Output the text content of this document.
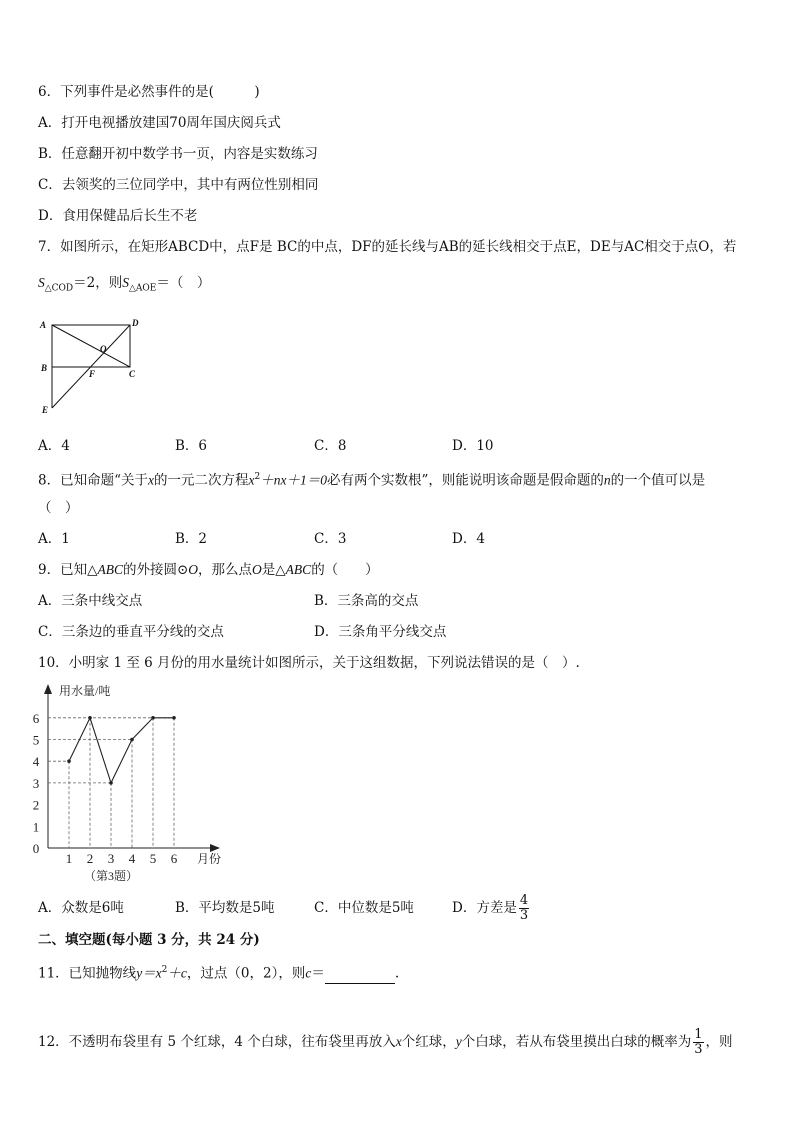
6．下列事件是必然事件的是(　　　)
A．打开电视播放建国70周年国庆阅兵式
B．任意翻开初中数学书一页，内容是实数练习
C．去领奖的三位同学中，其中有两位性别相同
D．食用保健品后长生不老
7．如图所示，在矩形ABCD中，点F是 BC的中点，DF的延长线与AB的延长线相交于点E，DE与AC相交于点O，若
$S_{\triangle COD}=2$，则$S_{\triangle AOE}=$（　）
A	D
O
B
F	C
E
A．4	B．6	C．8	D．10
8．已知命题“关于x的一元二次方程$x^2+nx+1=0$必有两个实数根”，则能说明该命题是假命题的n的一个值可以是
（　）
A．1	B．2	C．3	D．4
9．已知△ABC的外接圆⊙O，那么点O是△ABC的（　　）
A．三条中线交点	B．三条高的交点
C．三条边的垂直平分线的交点	D．三条角平分线交点
10．小明家 1 至 6 月份的用水量统计如图所示，关于这组数据，下列说法错误的是（　）.
用水量/吨
月份
0
1
2
3
4
5
6
1 2 3 4 5 6
（第3题）
A．众数是6吨	B．平均数是5吨	C．中位数是5吨	D．方差是 $\frac{4}{3}$
二、填空题(每小题 3 分，共 24 分)
11．已知抛物线$y=x^2+c$，过点（0，2），则c＝	.
12．不透明布袋里有 5 个红球，4 个白球，往布袋里再放入x个红球，y个白球，若从布袋里摸出白球的概率为 $\frac{1}{3}$ ，则
